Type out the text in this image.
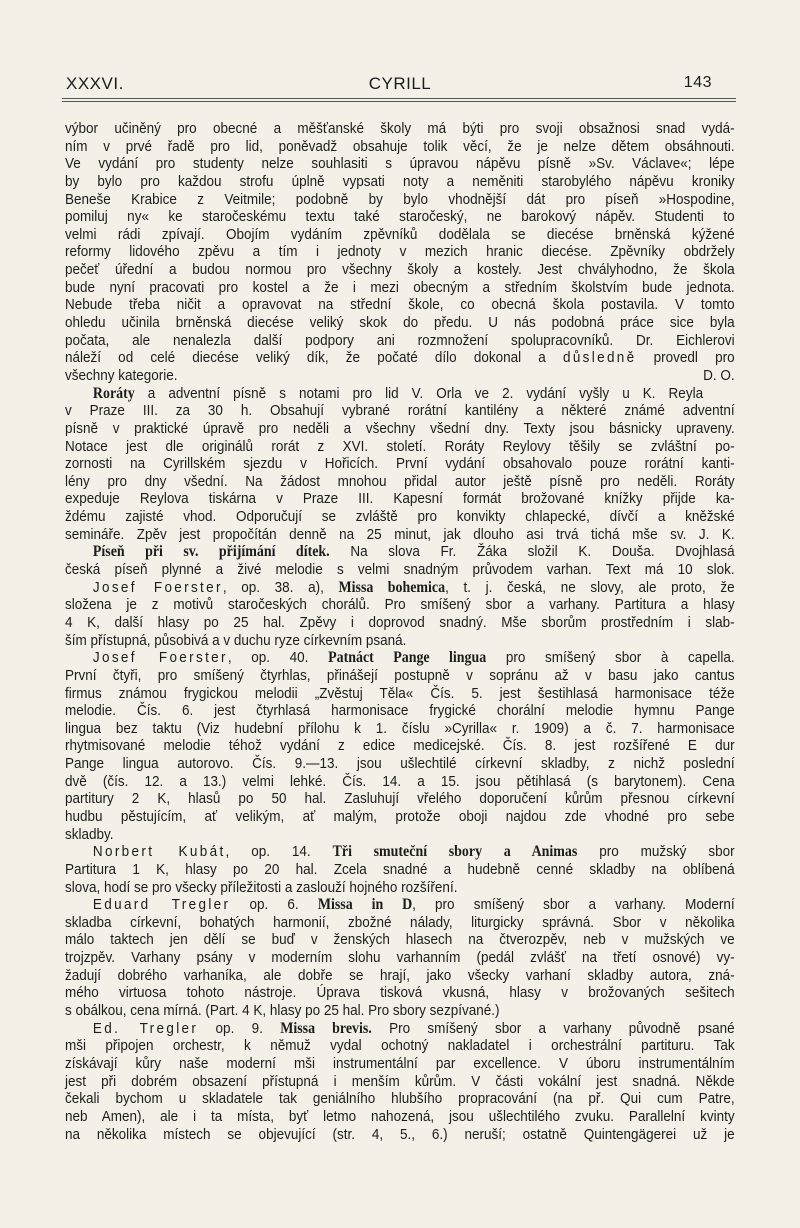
XXXVI.	CYRILL	143
výbor učiněný pro obecné a měšťanské školy má býti pro svoji obsažnosi snad vydá-
ním v prvé řadě pro lid, poněvadž obsahuje tolik věcí, že je nelze dětem obsáhnouti.
Ve vydání pro studenty nelze souhlasiti s úpravou nápěvu písně »Sv. Václave«; lépe
by bylo pro každou strofu úplně vypsati noty a neměniti starobylého nápěvu kroniky
Beneše Krabice z Veitmile; podobně by bylo vhodnější dát pro píseň »Hospodine,
pomiluj ny« ke staročeskému textu také staročeský, ne barokový nápěv. Studenti to
velmi rádi zpívají. Obojím vydáním zpěvníků dodělala se diecése brněnská kýžené
reformy lidového zpěvu a tím i jednoty v mezich hranic diecése. Zpěvníky obdržely
pečeť úřední a budou normou pro všechny školy a kostely. Jest chvályhodno, že škola
bude nyní pracovati pro kostel a že i mezi obecným a středním školstvím bude jednota.
Nebude třeba ničit a opravovat na střední škole, co obecná škola postavila. V tomto
ohledu učinila brněnská diecése veliký skok do předu. U nás podobná práce sice byla
počata, ale nenalezla další podpory ani rozmnožení spolupracovníků. Dr. Eichlerovi
náleží od celé diecése veliký dík, že počaté dílo dokonal a důsledně provedl pro
všechny kategorie.	D. O.
Roráty a adventní písně s notami pro lid V. Orla ve 2. vydání vyšly u K. Reyla
v Praze III. za 30 h. Obsahují vybrané rorátní kantilény a některé známé adventní
písně v praktické úpravě pro neděli a všechny všední dny. Texty jsou básnicky upraveny.
Notace jest dle originálů rorát z XVI. století. Roráty Reylovy těšily se zvláštní po-
zornosti na Cyrillském sjezdu v Hořicích. První vydání obsahovalo pouze rorátní kanti-
lény pro dny všední. Na žádost mnohou přidal autor ještě písně pro neděli. Roráty
expeduje Reylova tiskárna v Praze III. Kapesní formát brožované knížky přijde ka-
ždému zajisté vhod. Odporučují se zvláště pro konvikty chlapecké, dívčí a kněžské
semináře. Zpěv jest propočítán denně na 25 minut, jak dlouho asi trvá tichá mše sv. J. K.
Píseň při sv. přijímání dítek. Na slova Fr. Žáka složil K. Douša. Dvojhlasá
česká píseň plynné a živé melodie s velmi snadným průvodem varhan. Text má 10 slok.
Josef Foerster, op. 38. a), Missa bohemica, t. j. česká, ne slovy, ale proto, že
složena je z motivů staročeských chorálů. Pro smíšený sbor a varhany. Partitura a hlasy
4 K, další hlasy po 25 hal. Zpěvy i doprovod snadný. Mše sborům prostředním i slab-
ším přístupná, působivá a v duchu ryze církevním psaná.
Josef Foerster, op. 40. Patnáct Pange lingua pro smíšený sbor à capella.
První čtyři, pro smíšený čtyrhlas, přinášejí postupně v sopránu až v basu jako cantus
firmus známou frygickou melodii „Zvěstuj Těla« Čís. 5. jest šestihlasá harmonisace téže
melodie. Čís. 6. jest čtyrhlasá harmonisace frygické chorální melodie hymnu Pange
lingua bez taktu (Viz hudební přílohu k 1. číslu »Cyrilla« r. 1909) a č. 7. harmonisace
rhytmisované melodie téhož vydání z edice medicejské. Čís. 8. jest rozšířené E dur
Pange lingua autorovo. Čís. 9.—13. jsou ušlechtilé církevní skladby, z nichž poslední
dvě (čís. 12. a 13.) velmi lehké. Čís. 14. a 15. jsou pětihlasá (s barytonem). Cena
partitury 2 K, hlasů po 50 hal. Zasluhují vřelého doporučení kůrům přesnou církevní
hudbu pěstujícím, ať velikým, ať malým, protože oboji najdou zde vhodné pro sebe
skladby.
Norbert Kubát, op. 14. Tři smuteční sbory a Animas pro mužský sbor
Partitura 1 K, hlasy po 20 hal. Zcela snadné a hudebně cenné skladby na oblíbená
slova, hodí se pro všecky příležitosti a zaslouží hojného rozšíření.
Eduard Tregler op. 6. Missa in D, pro smíšený sbor a varhany. Moderní
skladba církevní, bohatých harmonií, zbožné nálady, liturgicky správná. Sbor v několika
málo taktech jen dělí se buď v ženských hlasech na čtverozpěv, neb v mužských ve
trojzpěv. Varhany psány v moderním slohu varhanním (pedál zvlášť na třetí osnové) vy-
žadují dobrého varhaníka, ale dobře se hrají, jako všecky varhaní skladby autora, zná-
mého virtuosa tohoto nástroje. Úprava tisková vkusná, hlasy v brožovaných sešitech
s obálkou, cena mírná. (Part. 4 K, hlasy po 25 hal. Pro sbory sezpívané.)
Ed. Tregler op. 9. Missa brevis. Pro smíšený sbor a varhany původně psané
mši připojen orchestr, k němuž vydal ochotný nakladatel i orchestrální partituru. Tak
získávají kůry naše moderní mši instrumentální par excellence. V úboru instrumentálním
jest při dobrém obsazení přístupná i menším kůrům. V části vokální jest snadná. Někde
čekali bychom u skladatele tak geniálního hlubšího propracování (na př. Qui cum Patre,
neb Amen), ale i ta místa, byť letmo nahozená, jsou ušlechtilého zvuku. Parallelní kvinty
na několika místech se objevující (str. 4, 5., 6.) neruší; ostatně Quintengägerei už je
